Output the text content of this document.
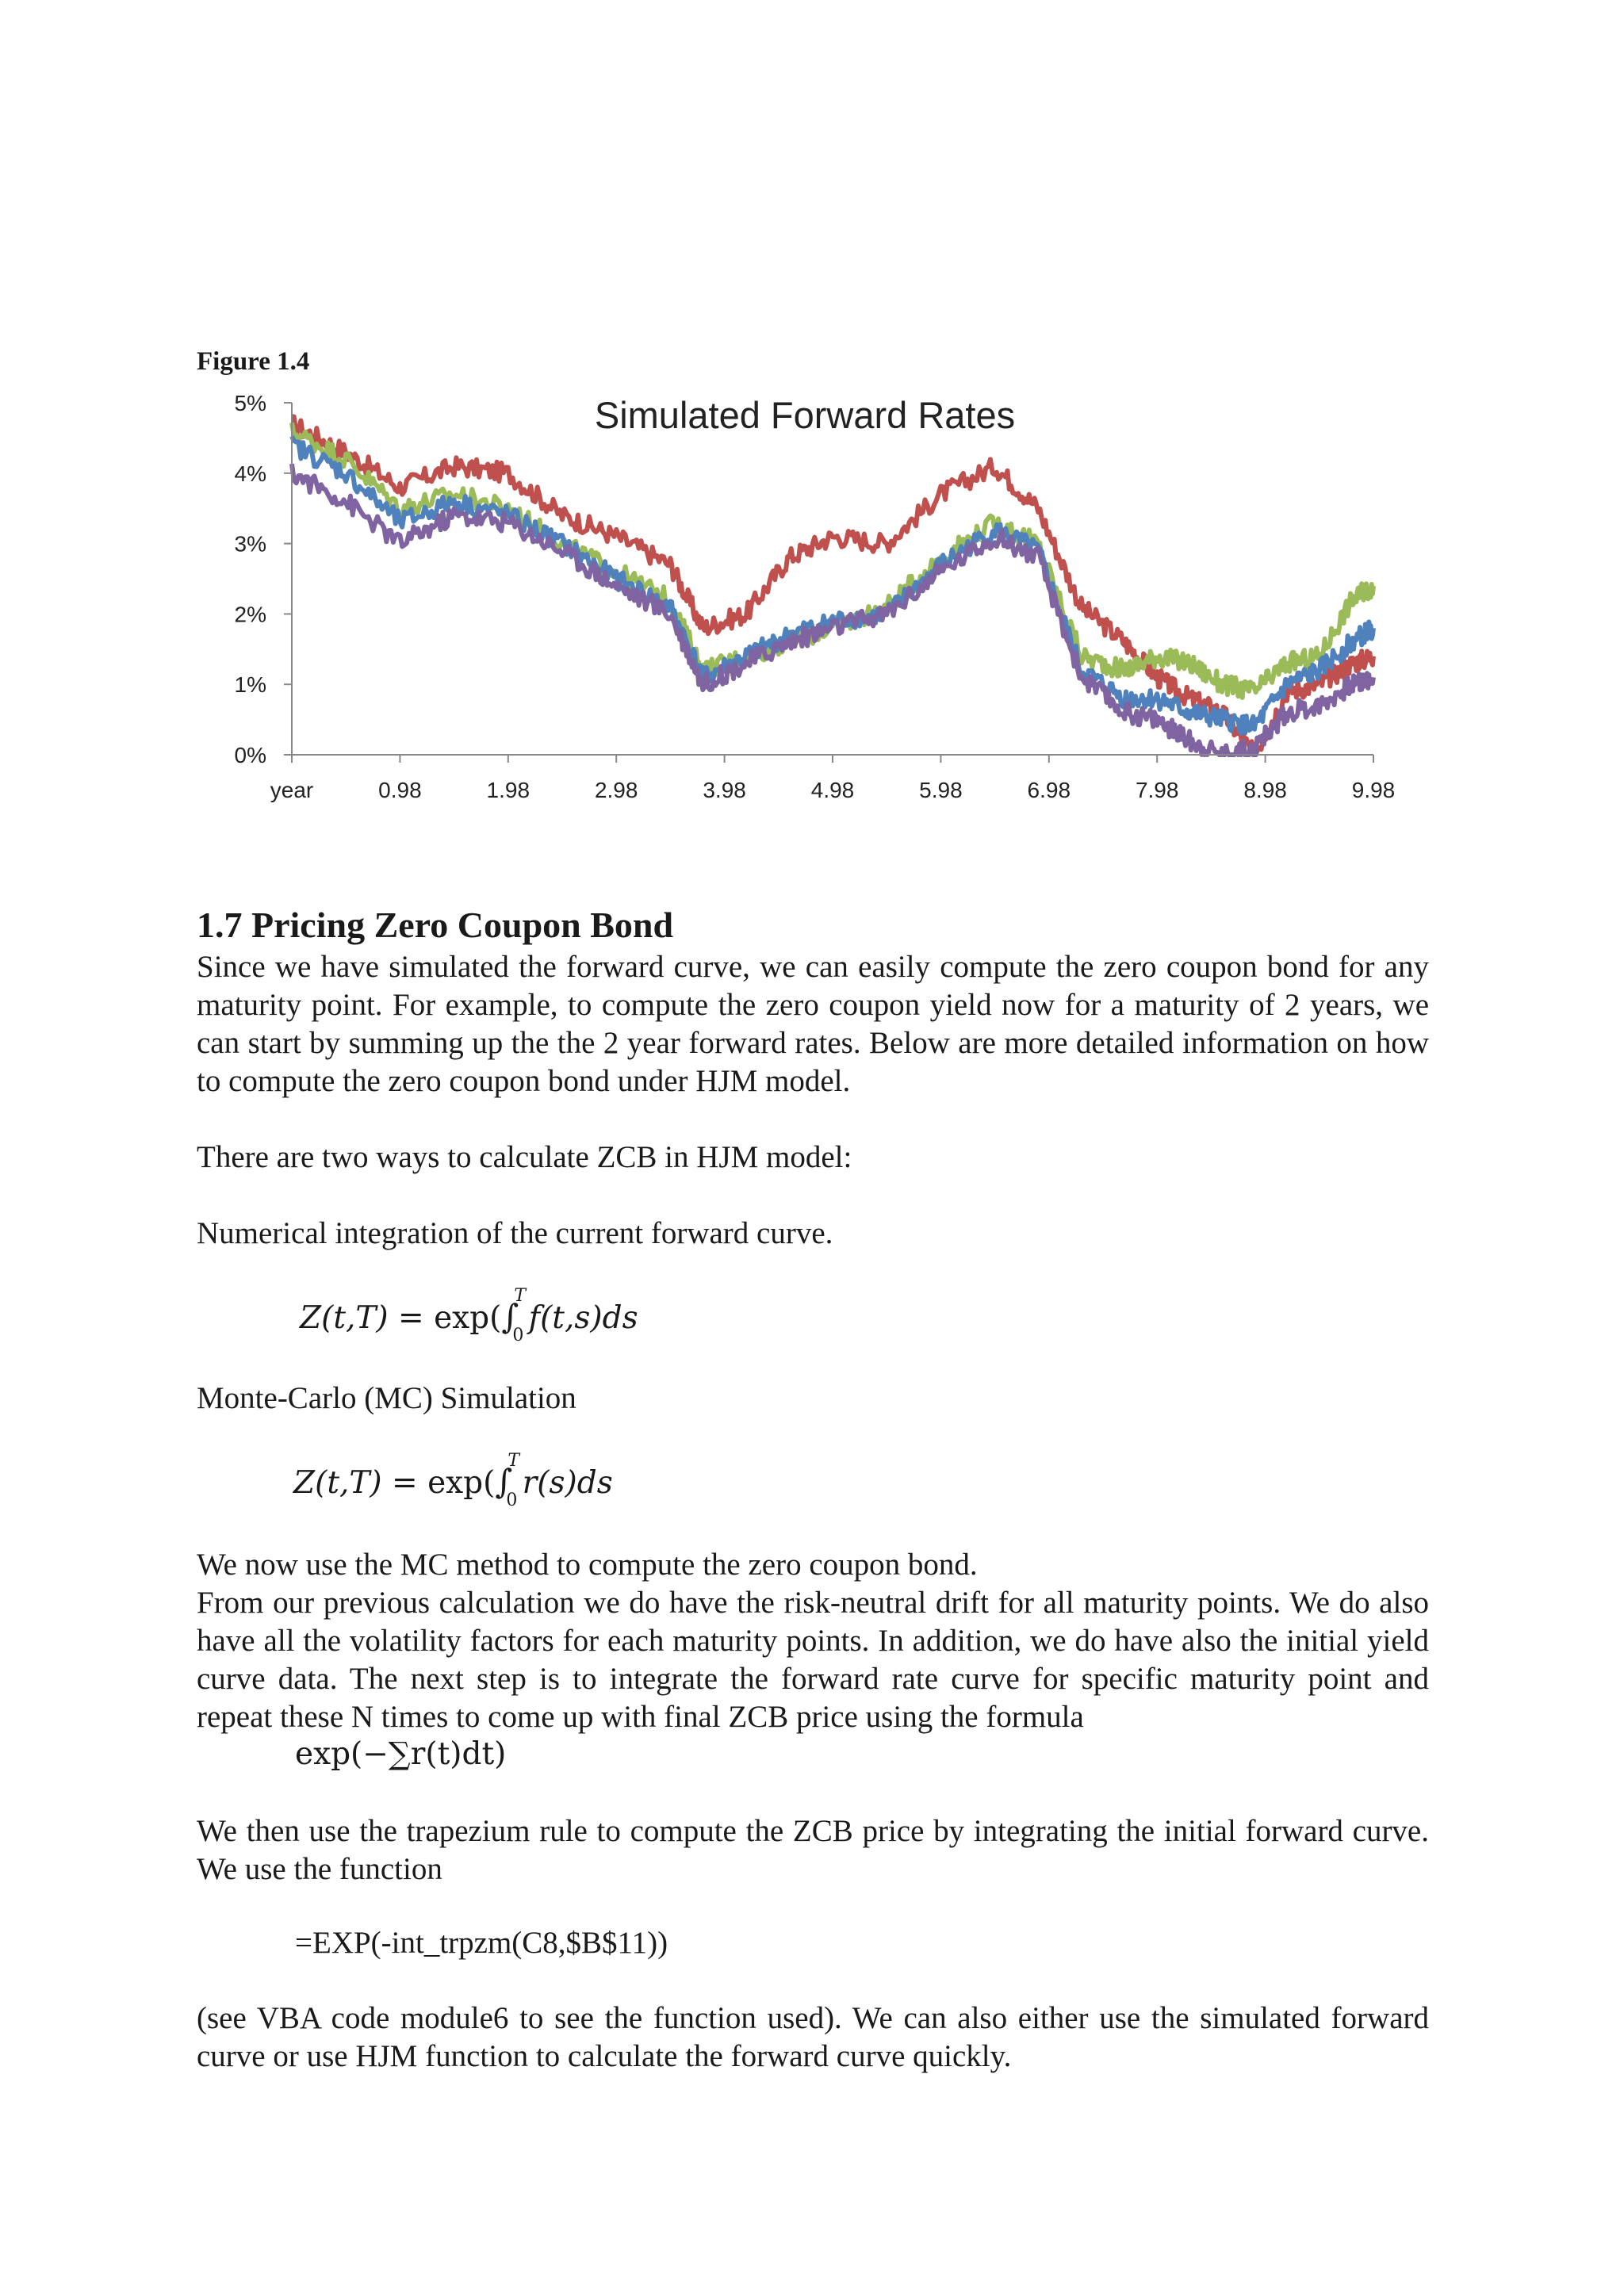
Figure 1.4
Simulated Forward Rates
0%
1%
2%
3%
4%
5%
year	0.98	1.98	2.98	3.98	4.98	5.98	6.98	7.98	8.98	9.98
1.7 Pricing Zero Coupon Bond

Since we have simulated the forward curve, we can easily compute the zero coupon bond for any maturity point. For example, to compute the zero coupon yield now for a maturity of 2 years, we can start by summing up the the 2 year forward rates. Below are more detailed information on how to compute the zero coupon bond under HJM model.

There are two ways to calculate ZCB in HJM model:

Numerical integration of the current forward curve.

Z(t,T) = exp(∫
T
0 f(t,s)ds

Monte-Carlo (MC) Simulation

Z(t,T) = exp(∫
T
0 r(s)ds

We now use the MC method to compute the zero coupon bond.

From our previous calculation we do have the risk-neutral drift for all maturity points. We do also have all the volatility factors for each maturity points. In addition, we do have also the initial yield curve data. The next step is to integrate the forward rate curve for specific maturity point and repeat these N times to come up with final ZCB price using the formula

exp(−∑r(t)dt)

We then use the trapezium rule to compute the ZCB price by integrating the initial forward curve. We use the function

=EXP(-int_trpzm(C8,$B$11))

(see VBA code module6 to see the function used). We can also either use the simulated forward curve or use HJM function to calculate the forward curve quickly.
